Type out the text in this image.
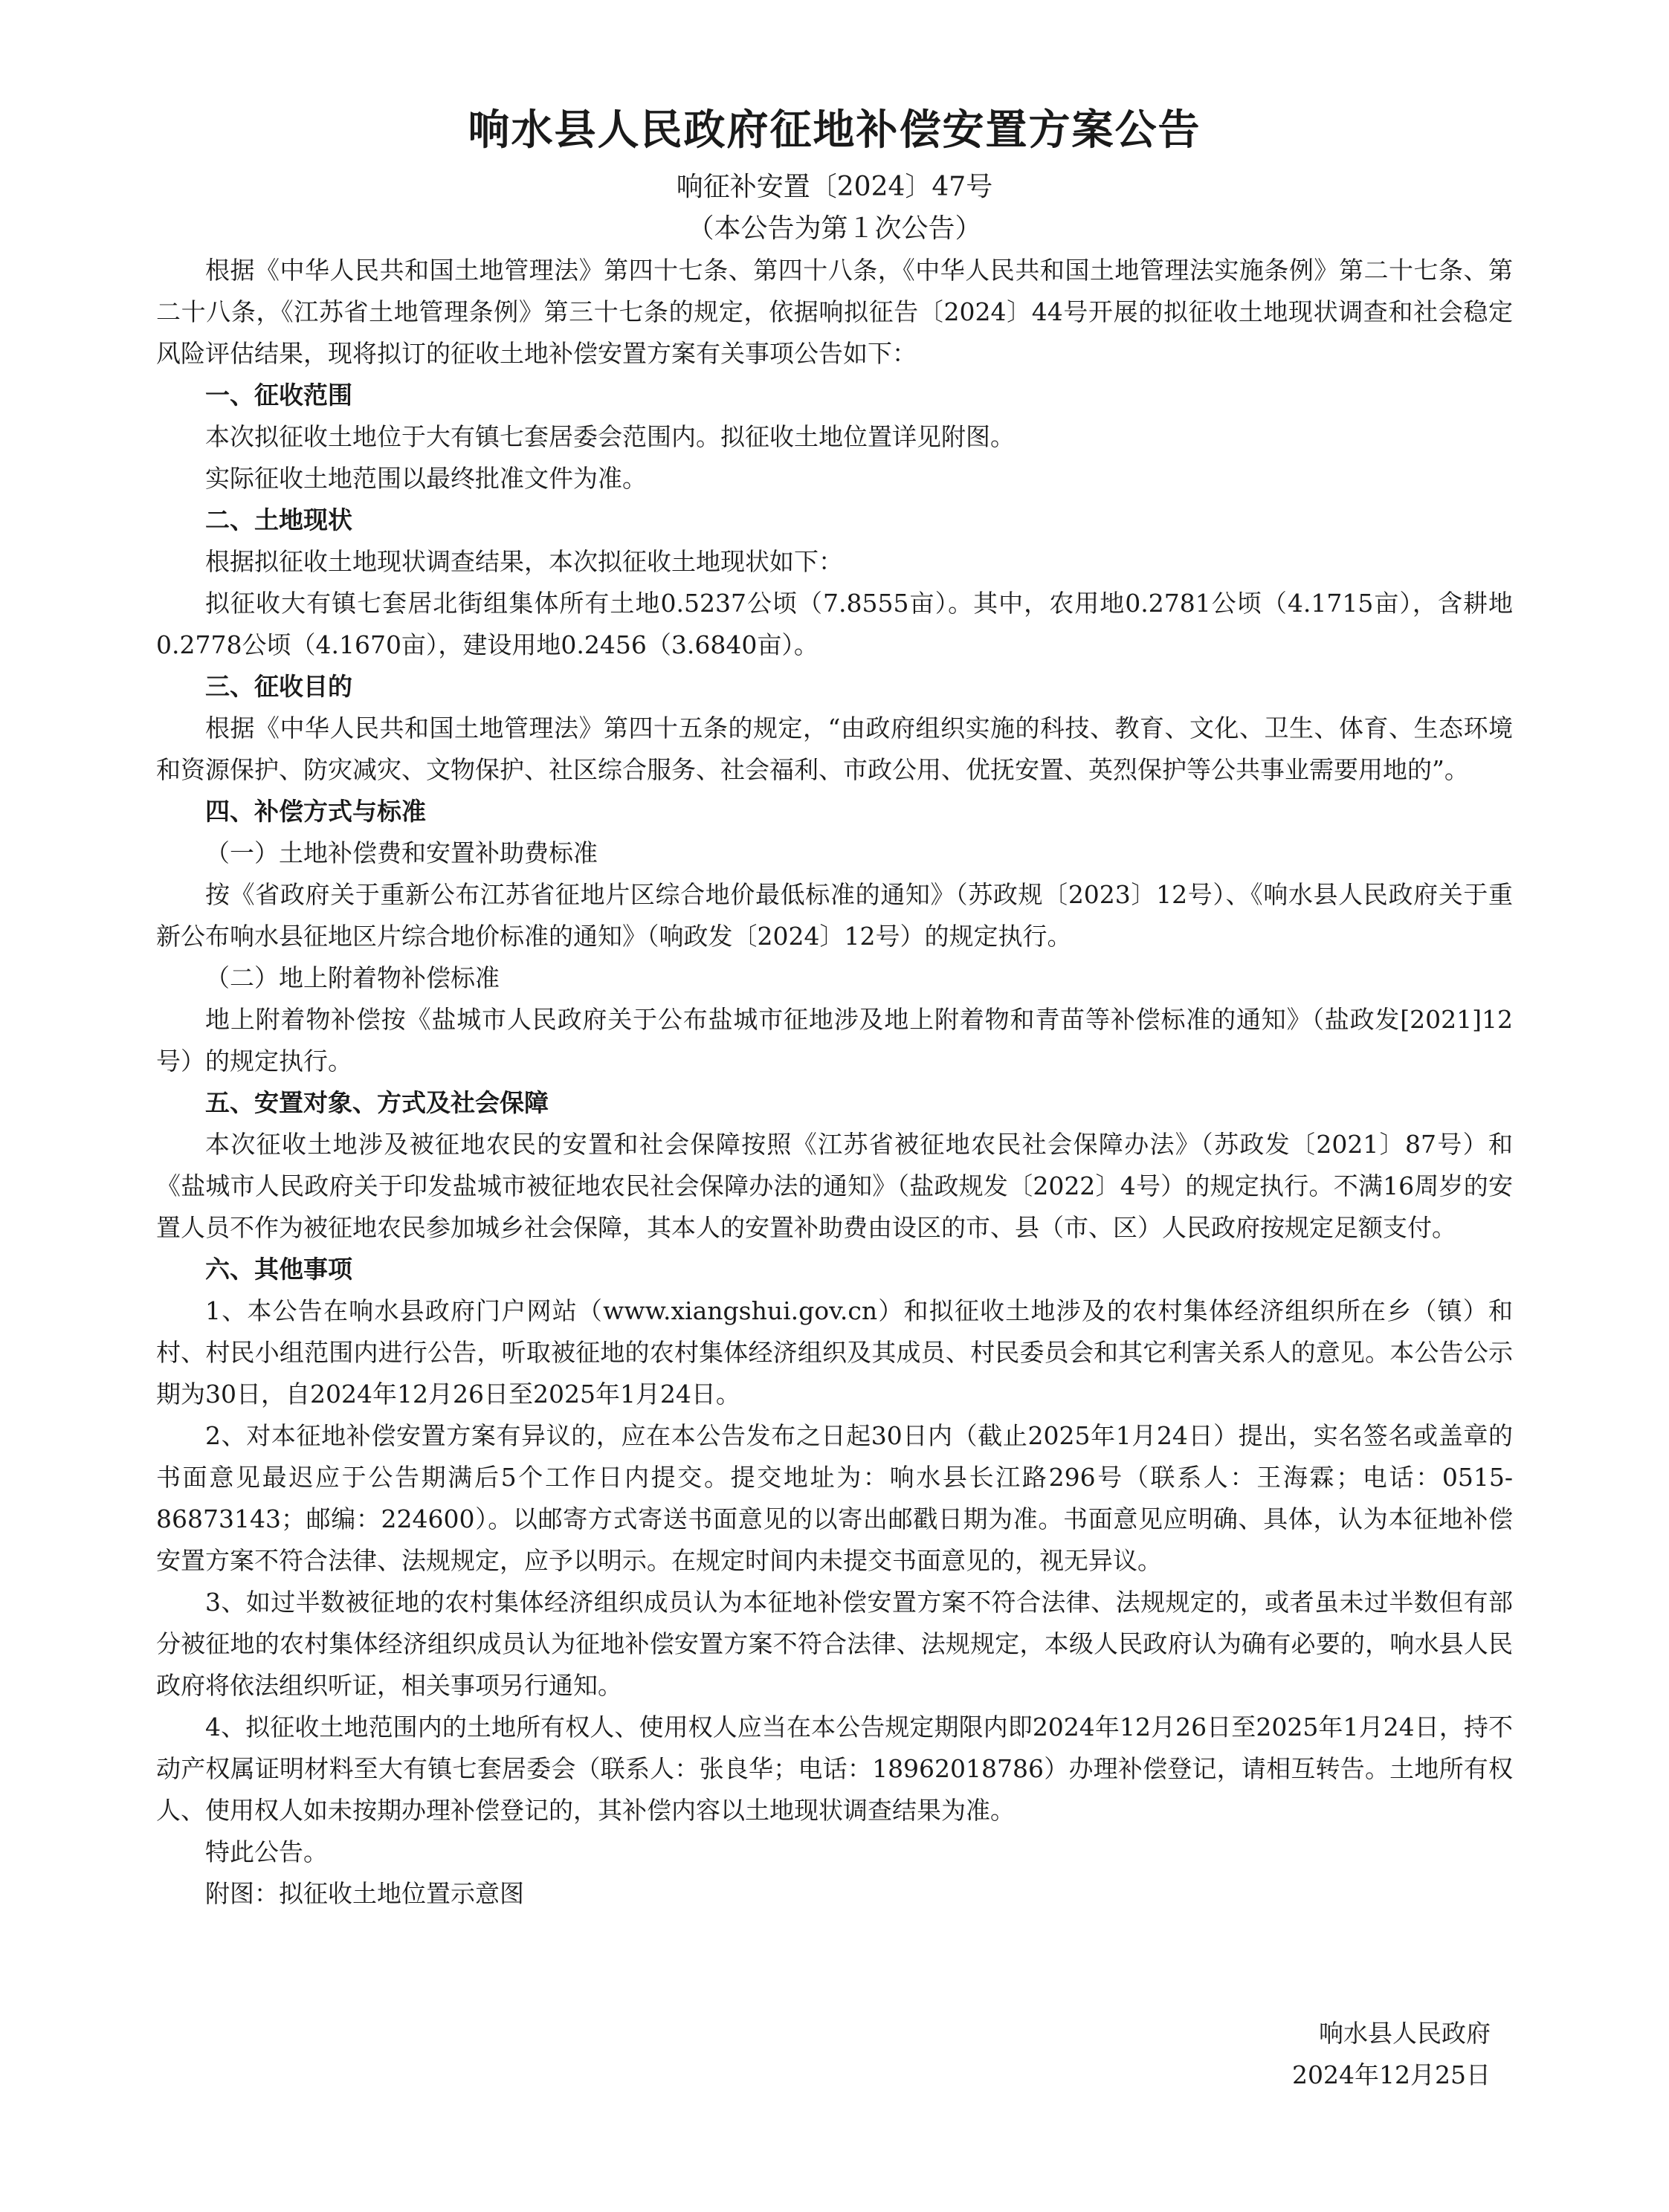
响水县人民政府征地补偿安置方案公告

响征补安置〔2024〕47号

（本公告为第１次公告）

根据《中华人民共和国土地管理法》第四十七条、第四十八条，《中华人民共和国土地管理法实施条例》第二十七条、第二十八条，《江苏省土地管理条例》第三十七条的规定，依据响拟征告〔2024〕44号开展的拟征收土地现状调查和社会稳定风险评估结果，现将拟订的征收土地补偿安置方案有关事项公告如下：

一、征收范围

本次拟征收土地位于大有镇七套居委会范围内。拟征收土地位置详见附图。

实际征收土地范围以最终批准文件为准。

二、土地现状

根据拟征收土地现状调查结果，本次拟征收土地现状如下：

拟征收大有镇七套居北街组集体所有土地0.5237公顷（7.8555亩）。其中，农用地0.2781公顷（4.1715亩），含耕地0.2778公顷（4.1670亩），建设用地0.2456（3.6840亩）。

三、征收目的

根据《中华人民共和国土地管理法》第四十五条的规定，“由政府组织实施的科技、教育、文化、卫生、体育、生态环境和资源保护、防灾减灾、文物保护、社区综合服务、社会福利、市政公用、优抚安置、英烈保护等公共事业需要用地的”。

四、补偿方式与标准

（一）土地补偿费和安置补助费标准

按《省政府关于重新公布江苏省征地片区综合地价最低标准的通知》（苏政规〔2023〕12号）、《响水县人民政府关于重新公布响水县征地区片综合地价标准的通知》（响政发〔2024〕12号）的规定执行。

（二）地上附着物补偿标准

地上附着物补偿按《盐城市人民政府关于公布盐城市征地涉及地上附着物和青苗等补偿标准的通知》（盐政发[2021]12号）的规定执行。

五、安置对象、方式及社会保障

本次征收土地涉及被征地农民的安置和社会保障按照《江苏省被征地农民社会保障办法》（苏政发〔2021〕87号）和《盐城市人民政府关于印发盐城市被征地农民社会保障办法的通知》（盐政规发〔2022〕4号）的规定执行。不满16周岁的安置人员不作为被征地农民参加城乡社会保障，其本人的安置补助费由设区的市、县（市、区）人民政府按规定足额支付。

六、其他事项

1、本公告在响水县政府门户网站（www.xiangshui.gov.cn）和拟征收土地涉及的农村集体经济组织所在乡（镇）和村、村民小组范围内进行公告，听取被征地的农村集体经济组织及其成员、村民委员会和其它利害关系人的意见。本公告公示期为30日，自2024年12月26日至2025年1月24日。

2、对本征地补偿安置方案有异议的，应在本公告发布之日起30日内（截止2025年1月24日）提出，实名签名或盖章的书面意见最迟应于公告期满后5个工作日内提交。提交地址为：响水县长江路296号（联系人：王海霖；电话：0515-86873143；邮编：224600）。以邮寄方式寄送书面意见的以寄出邮戳日期为准。书面意见应明确、具体，认为本征地补偿安置方案不符合法律、法规规定，应予以明示。在规定时间内未提交书面意见的，视无异议。

3、如过半数被征地的农村集体经济组织成员认为本征地补偿安置方案不符合法律、法规规定的，或者虽未过半数但有部分被征地的农村集体经济组织成员认为征地补偿安置方案不符合法律、法规规定，本级人民政府认为确有必要的，响水县人民政府将依法组织听证，相关事项另行通知。

4、拟征收土地范围内的土地所有权人、使用权人应当在本公告规定期限内即2024年12月26日至2025年1月24日，持不动产权属证明材料至大有镇七套居委会（联系人：张良华；电话：18962018786）办理补偿登记，请相互转告。土地所有权人、使用权人如未按期办理补偿登记的，其补偿内容以土地现状调查结果为准。

特此公告。

附图：拟征收土地位置示意图

响水县人民政府
2024年12月25日
